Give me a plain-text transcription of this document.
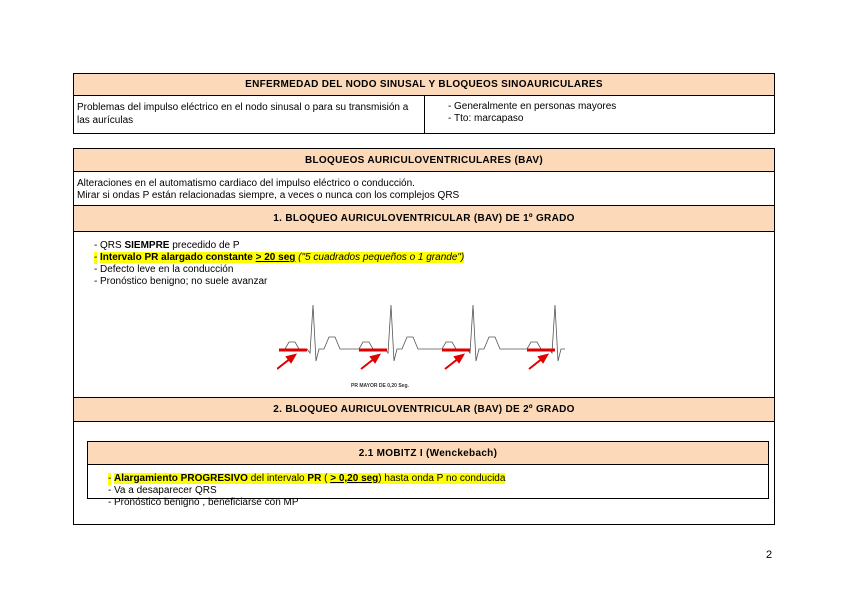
ENFERMEDAD DEL NODO SINUSAL Y BLOQUEOS SINOAURICULARES
Problemas del impulso eléctrico en el nodo sinusal o para su transmisión a las aurículas
- Generalmente en personas mayores
- Tto: marcapaso
BLOQUEOS AURICULOVENTRICULARES (BAV)
Alteraciones en el automatismo cardiaco del impulso eléctrico o conducción.
Mirar si ondas P están relacionadas siempre, a veces o nunca con los complejos QRS
1. BLOQUEO AURICULOVENTRICULAR (BAV) DE 1º GRADO
- QRS SIEMPRE precedido de P
- Intervalo PR alargado constante > 20 seg ("5 cuadrados pequeños o 1 grande")
- Defecto leve en la conducción
- Pronóstico benigno; no suele avanzar
PR MAYOR DE 0,20 Seg.
2. BLOQUEO AURICULOVENTRICULAR (BAV) DE 2º GRADO
2.1 MOBITZ I (Wenckebach)
- Alargamiento PROGRESIVO del intervalo PR ( > 0,20 seg) hasta onda P no conducida
- Va a desaparecer QRS
- Pronóstico benigno , beneficiarse con MP
2
